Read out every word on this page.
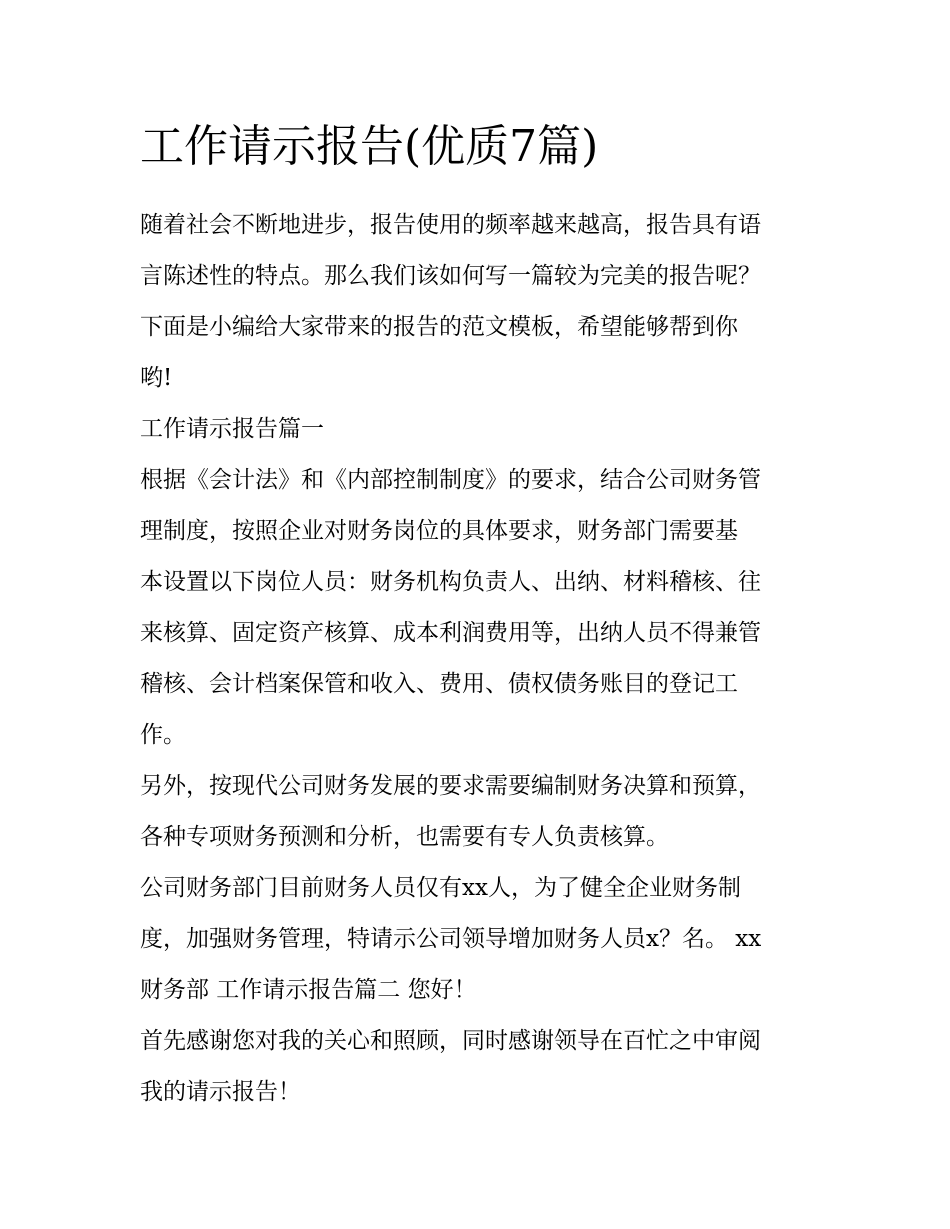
工作请示报告(优质7篇)
随着社会不断地进步，报告使用的频率越来越高，报告具有语
言陈述性的特点。那么我们该如何写一篇较为完美的报告呢？
下面是小编给大家带来的报告的范文模板，希望能够帮到你
哟!
工作请示报告篇一
根据《会计法》和《内部控制制度》的要求，结合公司财务管
理制度，按照企业对财务岗位的具体要求，财务部门需要基
本设置以下岗位人员：财务机构负责人、出纳、材料稽核、往
来核算、固定资产核算、成本利润费用等，出纳人员不得兼管
稽核、会计档案保管和收入、费用、债权债务账目的登记工
作。
另外，按现代公司财务发展的要求需要编制财务决算和预算，
各种专项财务预测和分析，也需要有专人负责核算。
公司财务部门目前财务人员仅有xx人，为了健全企业财务制
度，加强财务管理，特请示公司领导增加财务人员x？名。 xx
财务部 工作请示报告篇二 您好！
首先感谢您对我的关心和照顾，同时感谢领导在百忙之中审阅
我的请示报告！
